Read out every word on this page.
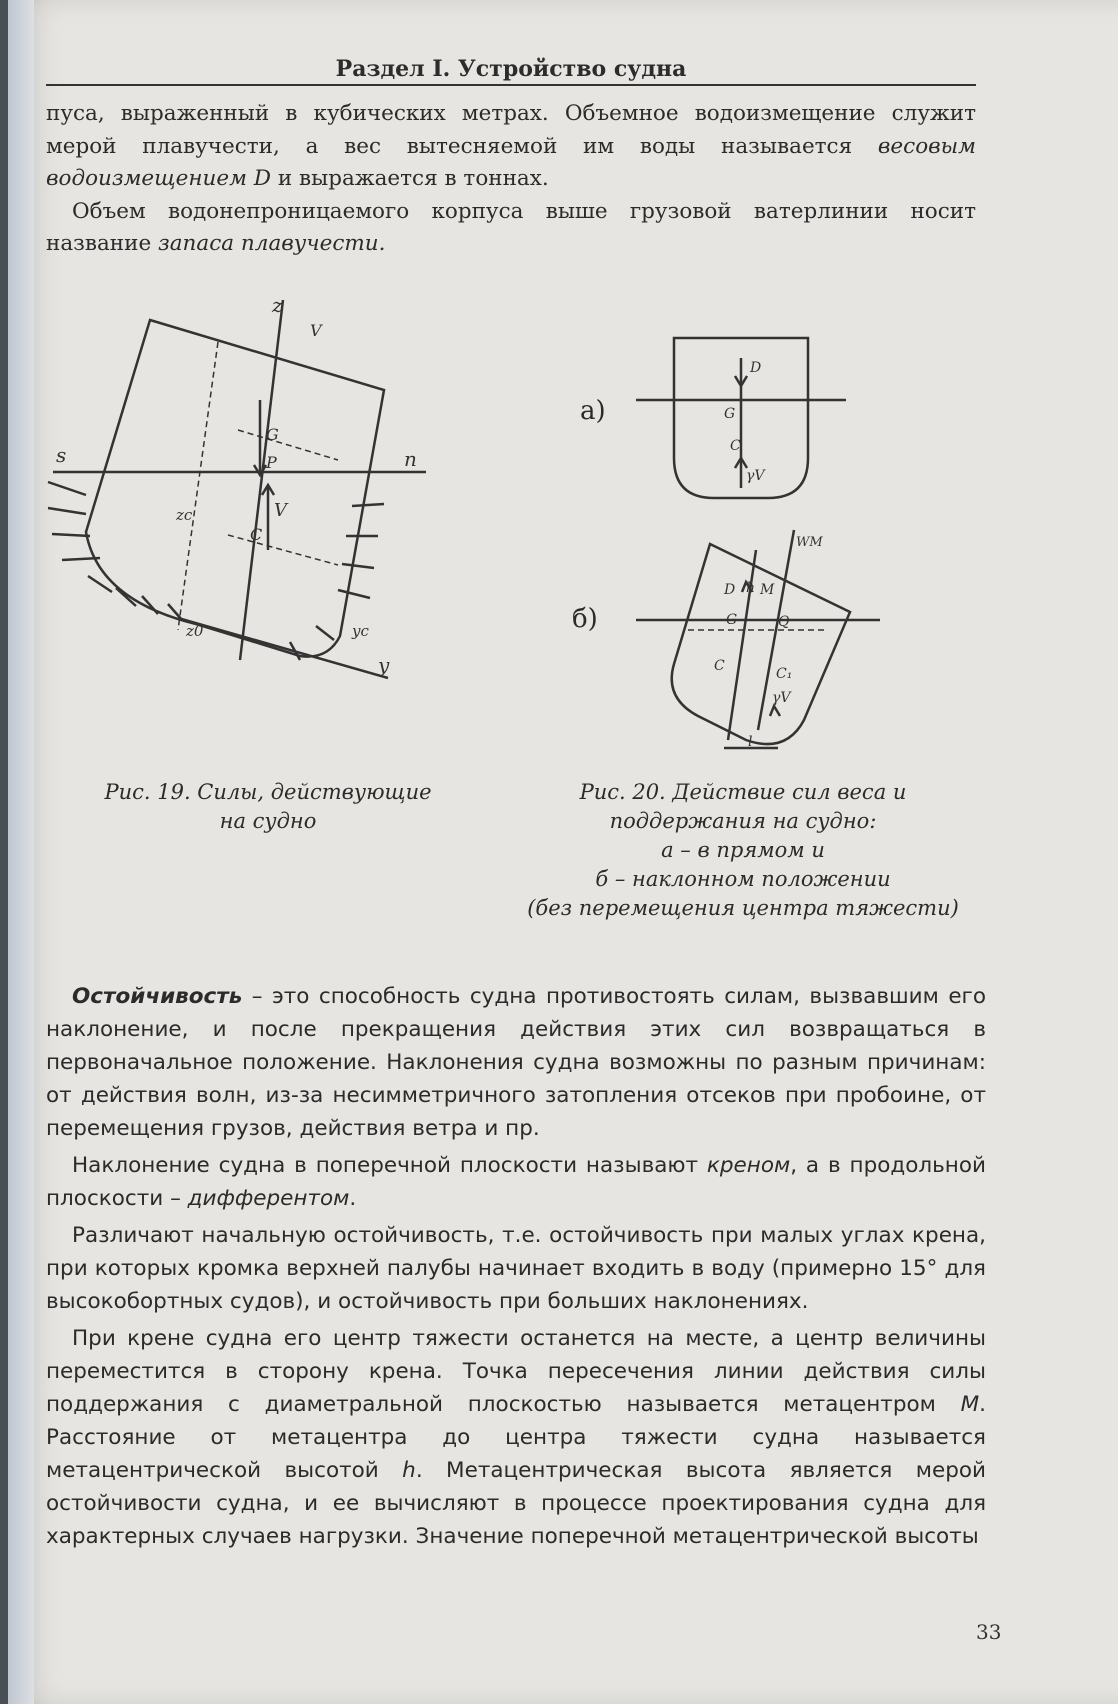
Раздел I. Устройство судна

пуса, выраженный в кубических метрах. Объемное водоизмещение служит мерой плавучести, а вес вытесняемой им воды называется весовым водоизмещением D и выражается в тоннах.

Объем водонепроницаемого корпуса выше грузовой ватерлинии носит название запаса плавучести.

z
s	n
y
V
G
P
V
C
zc
yc
z0
Рис. 19. Силы, действующие
на судно
а)
б)
D
G
C
γV
WM
D h M
G	Q
C	C₁
γV
l
Рис. 20. Действие сил веса и
поддержания на судно:
а – в прямом и
б – наклонном положении
(без перемещения центра тяжести)

Остойчивость – это способность судна противостоять силам, вызвавшим его наклонение, и после прекращения действия этих сил возвращаться в первоначальное положение. Наклонения судна возможны по разным причинам: от действия волн, из-за несимметричного затопления отсеков при пробоине, от перемещения грузов, действия ветра и пр.

Наклонение судна в поперечной плоскости называют креном, а в продольной плоскости – дифферентом.

Различают начальную остойчивость, т.е. остойчивость при малых углах крена, при которых кромка верхней палубы начинает входить в воду (примерно 15° для высокобортных судов), и остойчивость при больших наклонениях.

При крене судна его центр тяжести останется на месте, а центр величины переместится в сторону крена. Точка пересечения линии действия силы поддержания с диаметральной плоскостью называется метацентром M. Расстояние от метацентра до центра тяжести судна называется метацентрической высотой h. Метацентрическая высота является мерой остойчивости судна, и ее вычисляют в процессе проектирования судна для характерных случаев нагрузки. Значение поперечной метацентрической высоты

33
